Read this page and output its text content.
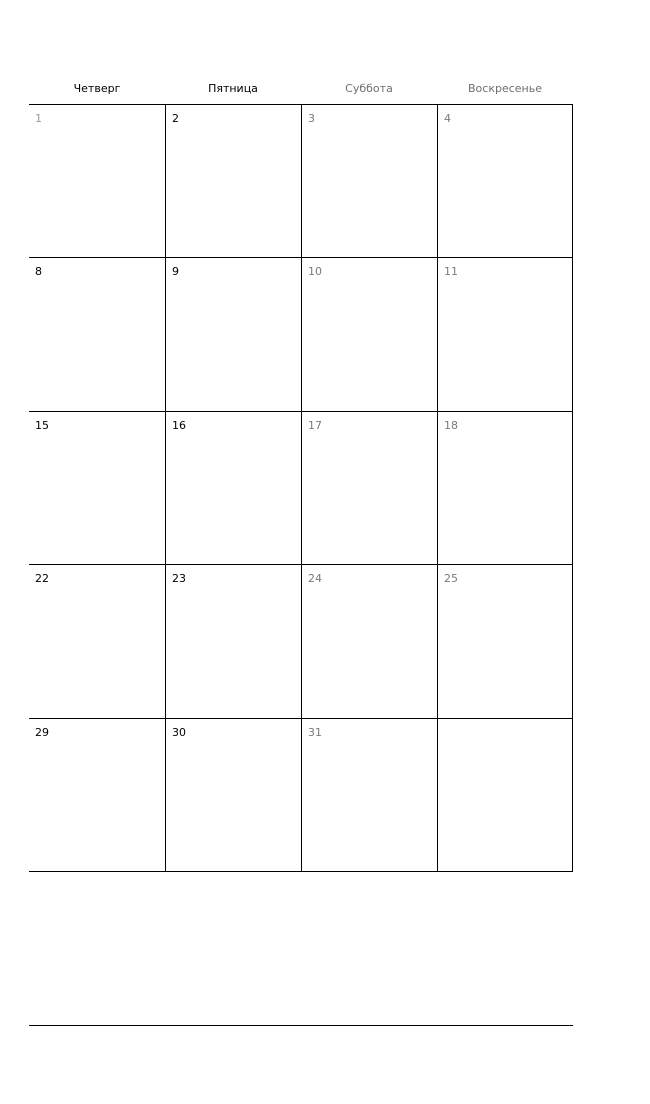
Четверг	Пятница	Суббота	Воскресенье
1	2	3	4
8	9	10	11
15	16	17	18
22	23	24	25
29	30	31
